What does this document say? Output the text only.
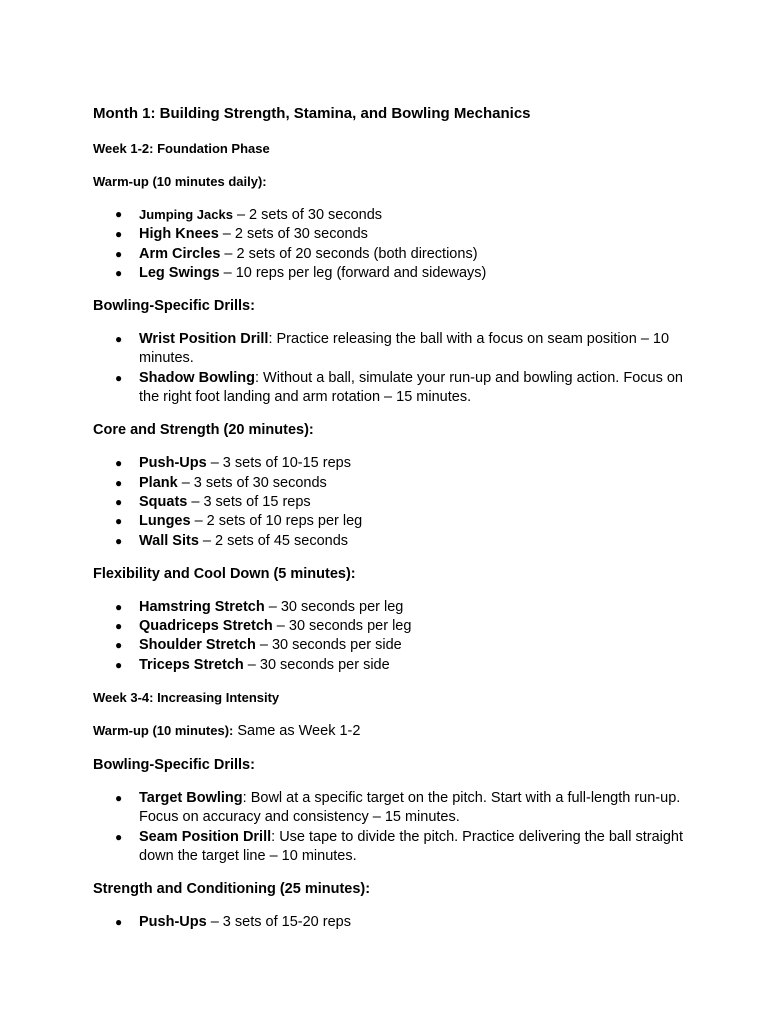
Month 1: Building Strength, Stamina, and Bowling Mechanics
Week 1-2: Foundation Phase
Warm-up (10 minutes daily):
● Jumping Jacks – 2 sets of 30 seconds
● High Knees – 2 sets of 30 seconds
● Arm Circles – 2 sets of 20 seconds (both directions)
● Leg Swings – 10 reps per leg (forward and sideways)
Bowling-Specific Drills:
● Wrist Position Drill: Practice releasing the ball with a focus on seam position – 10 minutes.
● Shadow Bowling: Without a ball, simulate your run-up and bowling action. Focus on the right foot landing and arm rotation – 15 minutes.
Core and Strength (20 minutes):
● Push-Ups – 3 sets of 10-15 reps
● Plank – 3 sets of 30 seconds
● Squats – 3 sets of 15 reps
● Lunges – 2 sets of 10 reps per leg
● Wall Sits – 2 sets of 45 seconds
Flexibility and Cool Down (5 minutes):
● Hamstring Stretch – 30 seconds per leg
● Quadriceps Stretch – 30 seconds per leg
● Shoulder Stretch – 30 seconds per side
● Triceps Stretch – 30 seconds per side
Week 3-4: Increasing Intensity

Warm-up (10 minutes): Same as Week 1-2

Bowling-Specific Drills:
● Target Bowling: Bowl at a specific target on the pitch. Start with a full-length run-up. Focus on accuracy and consistency – 15 minutes.
● Seam Position Drill: Use tape to divide the pitch. Practice delivering the ball straight down the target line – 10 minutes.
Strength and Conditioning (25 minutes):
● Push-Ups – 3 sets of 15-20 reps
